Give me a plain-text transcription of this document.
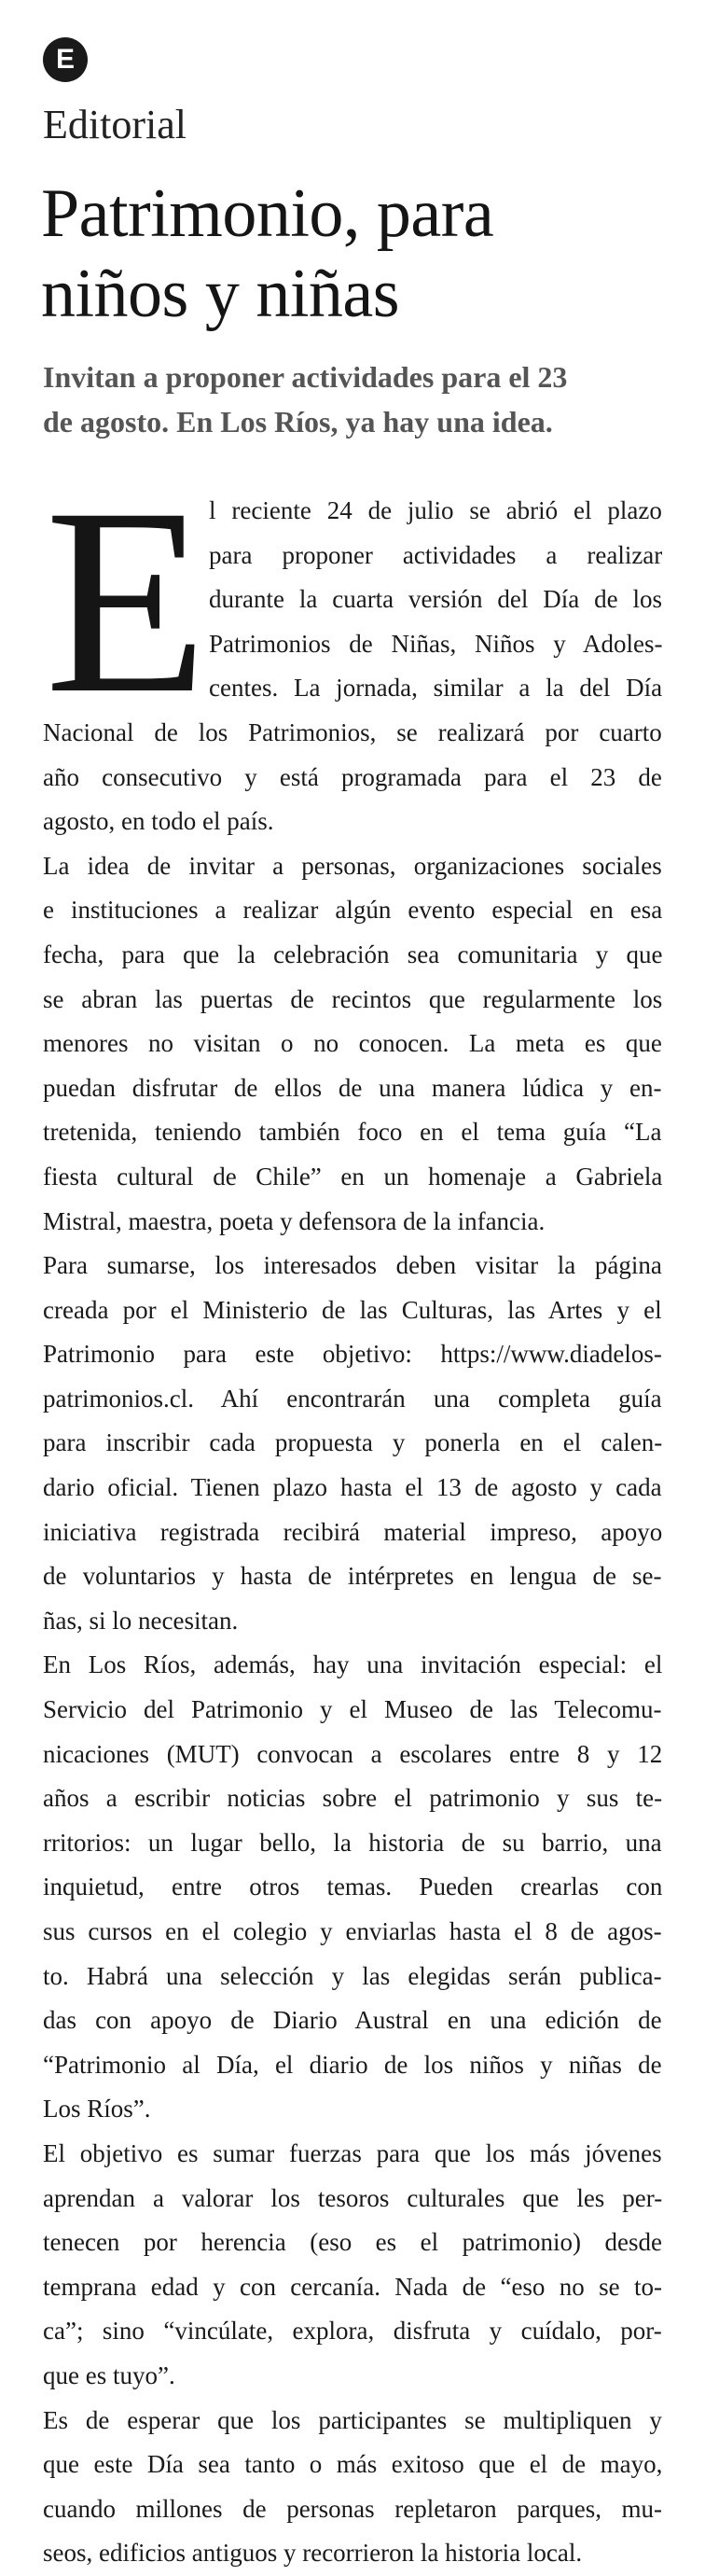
E
Editorial
Patrimonio, para
niños y niñas

Invitan a proponer actividades para el 23
de agosto. En Los Ríos, ya hay una idea.

E l reciente 24 de julio se abrió el plazo
para proponer actividades a realizar
durante la cuarta versión del Día de los
Patrimonios de Niñas, Niños y Adoles-
centes. La jornada, similar a la del Día
Nacional de los Patrimonios, se realizará por cuarto
año consecutivo y está programada para el 23 de
agosto, en todo el país.

La idea de invitar a personas, organizaciones sociales
e instituciones a realizar algún evento especial en esa
fecha, para que la celebración sea comunitaria y que
se abran las puertas de recintos que regularmente los
menores no visitan o no conocen. La meta es que
puedan disfrutar de ellos de una manera lúdica y en-
tretenida, teniendo también foco en el tema guía “La
fiesta cultural de Chile” en un homenaje a Gabriela
Mistral, maestra, poeta y defensora de la infancia.

Para sumarse, los interesados deben visitar la página
creada por el Ministerio de las Culturas, las Artes y el
Patrimonio para este objetivo: https://www.diadelos-
patrimonios.cl. Ahí encontrarán una completa guía
para inscribir cada propuesta y ponerla en el calen-
dario oficial. Tienen plazo hasta el 13 de agosto y cada
iniciativa registrada recibirá material impreso, apoyo
de voluntarios y hasta de intérpretes en lengua de se-
ñas, si lo necesitan.

En Los Ríos, además, hay una invitación especial: el
Servicio del Patrimonio y el Museo de las Telecomu-
nicaciones (MUT) convocan a escolares entre 8 y 12
años a escribir noticias sobre el patrimonio y sus te-
rritorios: un lugar bello, la historia de su barrio, una
inquietud, entre otros temas. Pueden crearlas con
sus cursos en el colegio y enviarlas hasta el 8 de agos-
to. Habrá una selección y las elegidas serán publica-
das con apoyo de Diario Austral en una edición de
“Patrimonio al Día, el diario de los niños y niñas de
Los Ríos”.

El objetivo es sumar fuerzas para que los más jóvenes
aprendan a valorar los tesoros culturales que les per-
tenecen por herencia (eso es el patrimonio) desde
temprana edad y con cercanía. Nada de “eso no se to-
ca”; sino “vincúlate, explora, disfruta y cuídalo, por-
que es tuyo”.

Es de esperar que los participantes se multipliquen y
que este Día sea tanto o más exitoso que el de mayo,
cuando millones de personas repletaron parques, mu-
seos, edificios antiguos y recorrieron la historia local.
